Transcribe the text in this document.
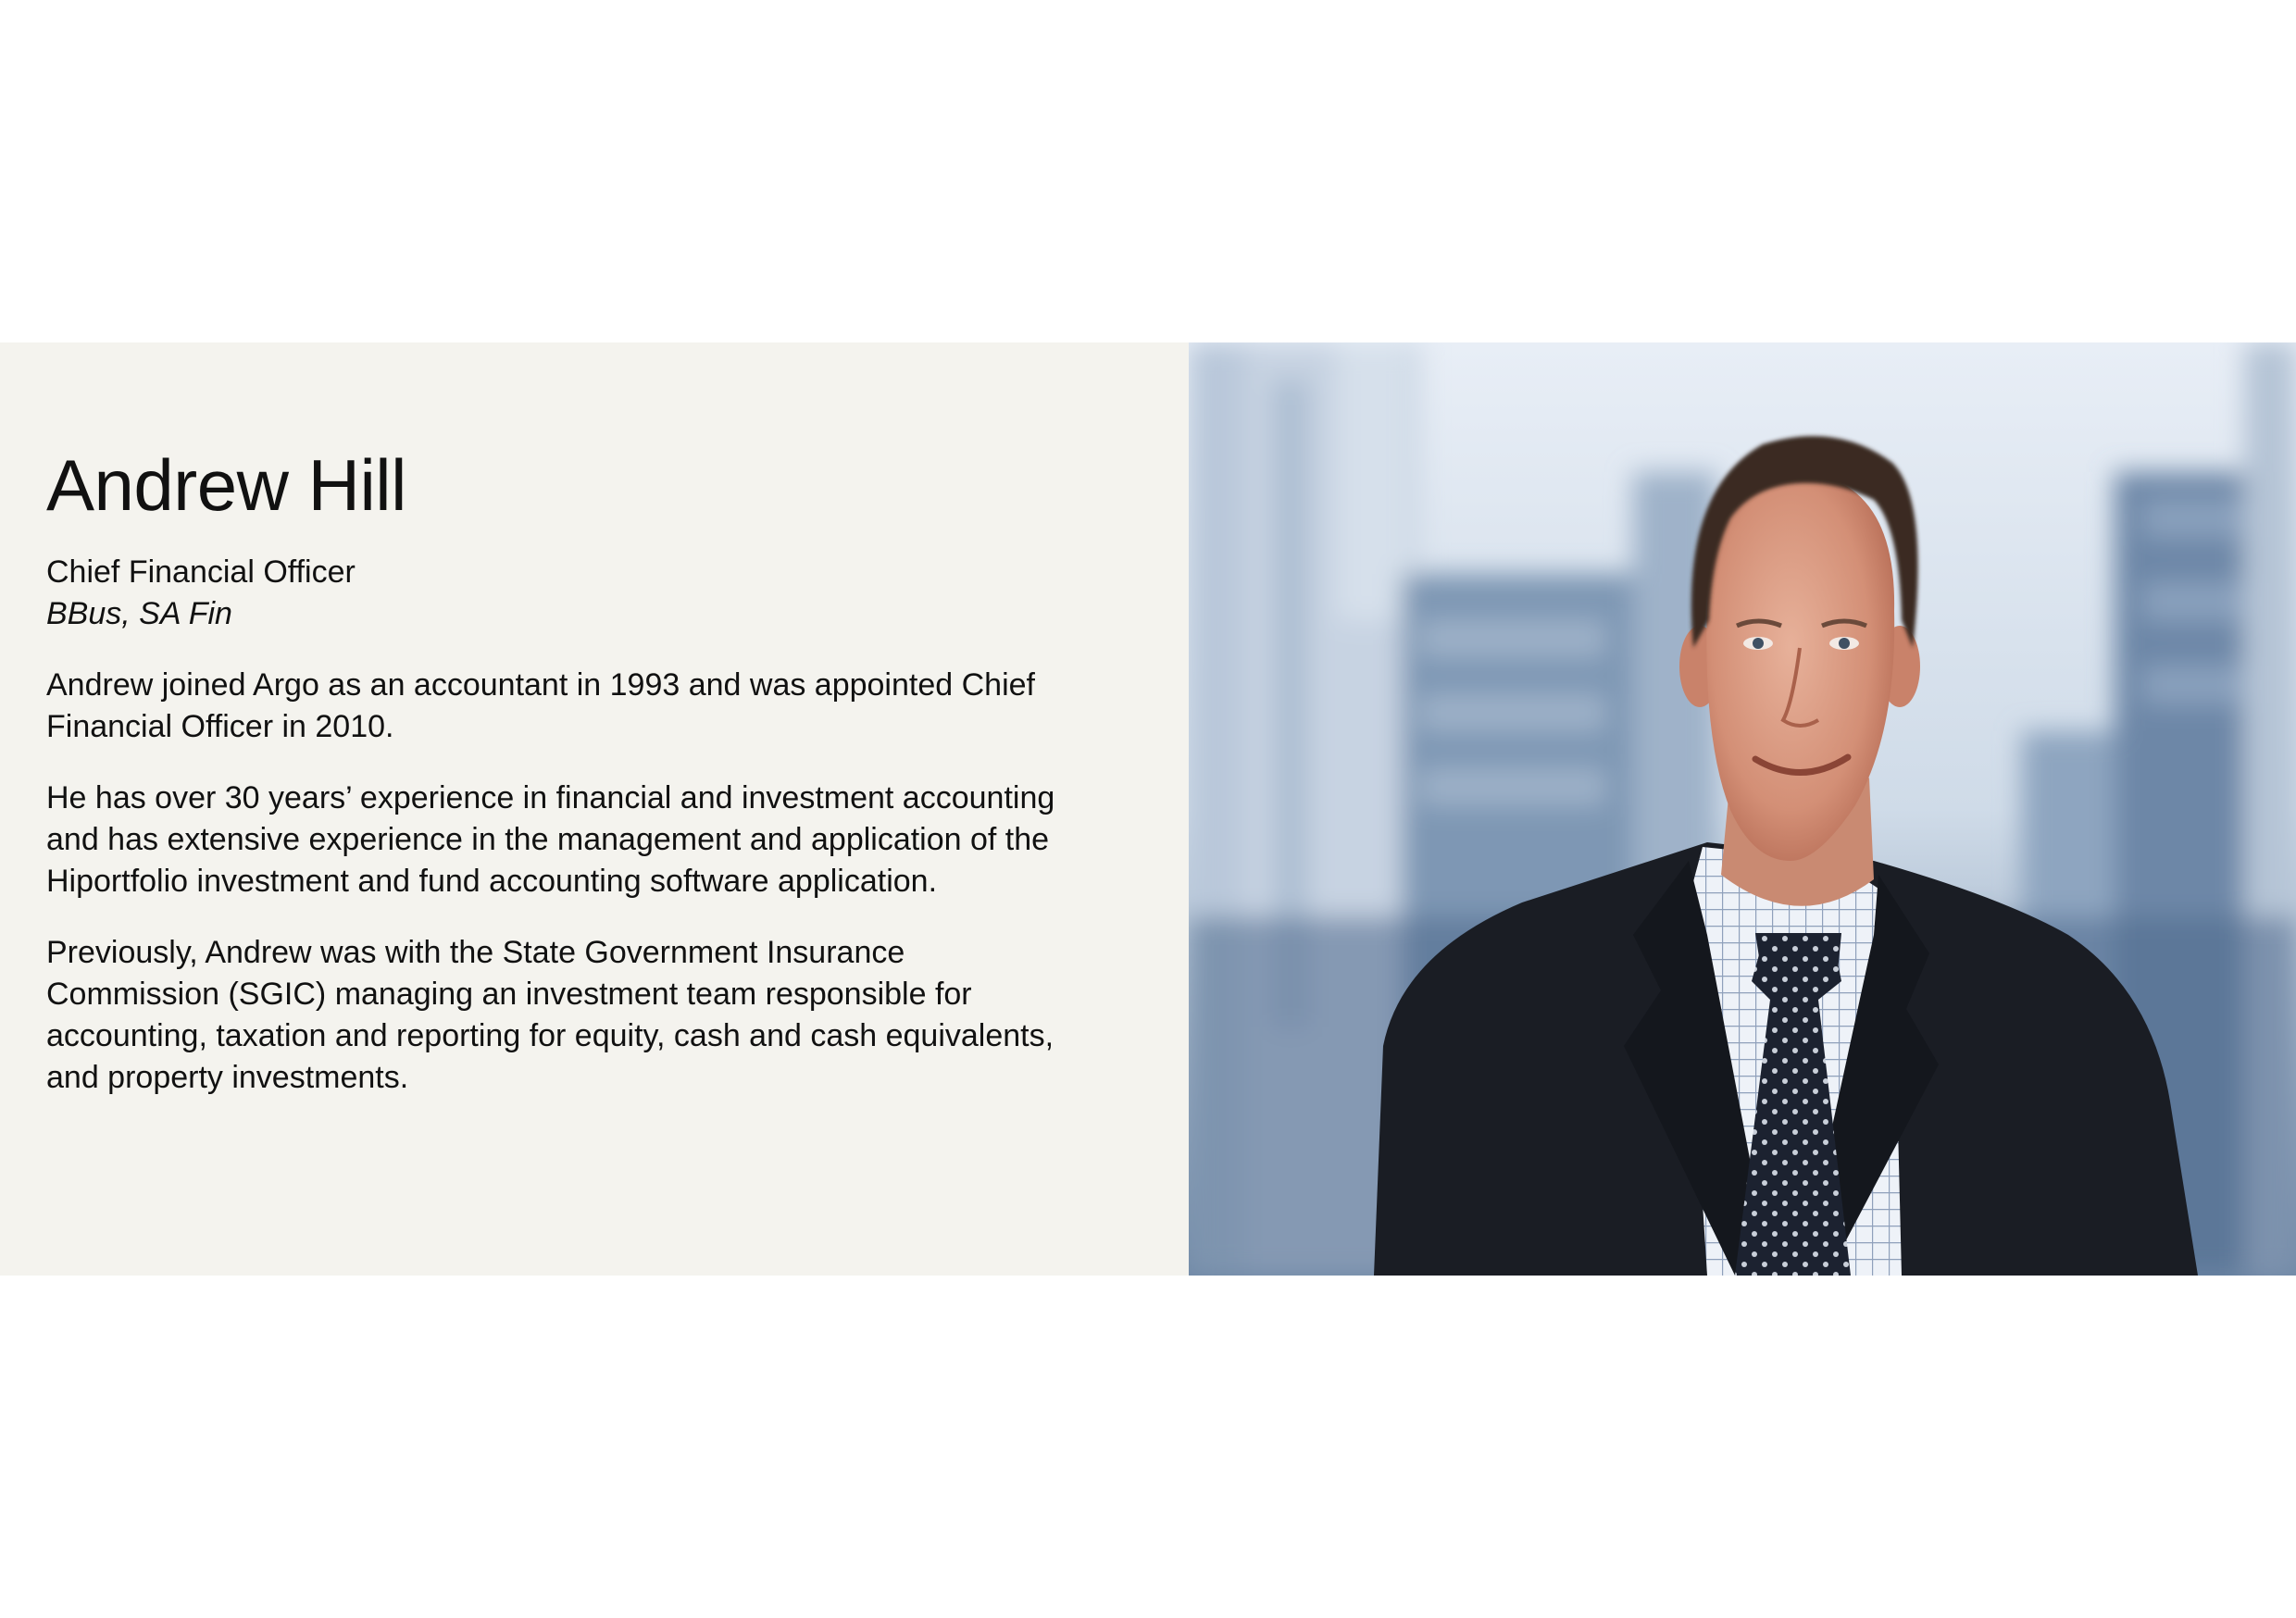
Andrew Hill

Chief Financial Officer

BBus, SA Fin

Andrew joined Argo as an accountant in 1993 and was appointed Chief Financial Officer in 2010.

He has over 30 years’ experience in financial and investment accounting and has extensive experience in the management and application of the Hiportfolio investment and fund accounting software application.

Previously, Andrew was with the State Government Insurance Commission (SGIC) managing an investment team responsible for accounting, taxation and reporting for equity, cash and cash equivalents, and property investments.
